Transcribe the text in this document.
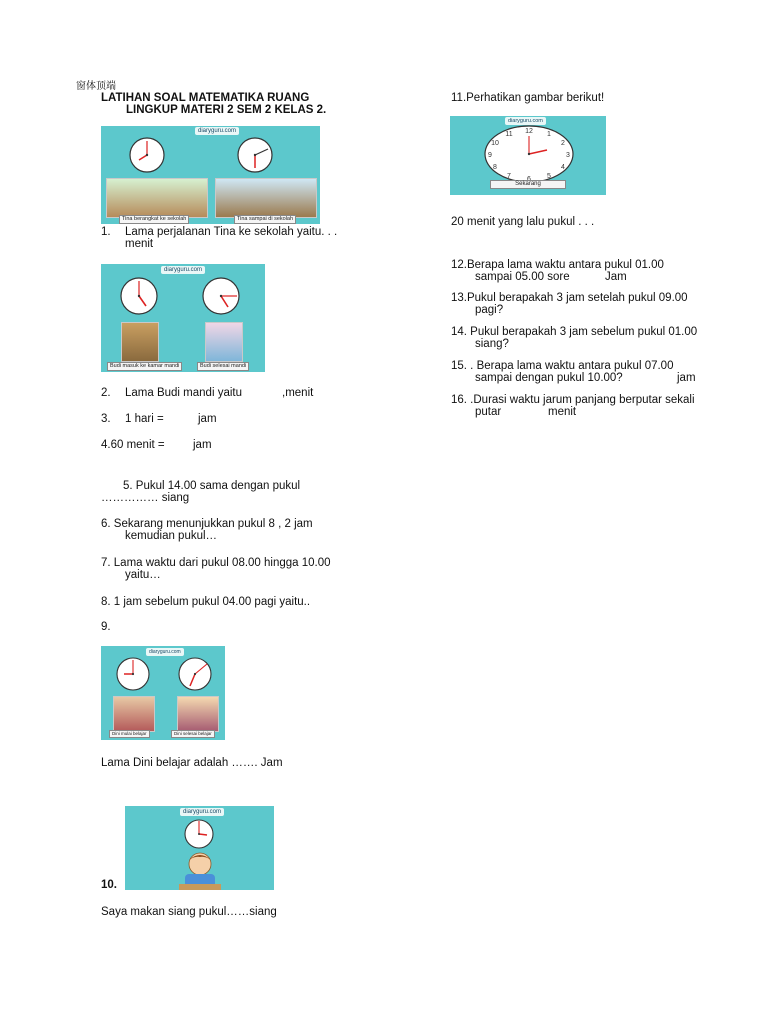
窗体顶端
LATIHAN SOAL MATEMATIKA RUANG
LINGKUP MATERI 2 SEM 2 KELAS 2.
diaryguru.com
Tina berangkat ke sekolah	Tina sampai di sekolah
1. Lama perjalanan Tina ke sekolah yaitu. . .
menit
diaryguru.com
Budi masuk ke kamar mandi	Budi selesai mandi
2. Lama Budi mandi yaitu	,menit
3. 1 hari =	jam
4.60 menit = jam
5. Pukul 14.00 sama dengan pukul
…………… siang
6. Sekarang menunjukkan pukul 8 , 2 jam
kemudian pukul…
7. Lama waktu dari pukul 08.00 hingga 10.00
yaitu…
8. 1 jam sebelum pukul 04.00 pagi yaitu..
9.
diaryguru.com
Dini mulai belajar	Dini selesai belajar
Lama Dini belajar adalah ……. Jam
diaryguru.com
10.
Saya makan siang pukul……siang
11.Perhatikan gambar berikut!
diaryguru.com
12 1
2
3
4
5
7
8
9
10
11
Sekarang
20 menit yang lalu pukul . . .
12.Berapa lama waktu antara pukul 01.00
sampai 05.00 sore	Jam
13.Pukul berapakah 3 jam setelah pukul 09.00
pagi?
14. Pukul berapakah 3 jam sebelum pukul 01.00
siang?
15. . Berapa lama waktu antara pukul 07.00
sampai dengan pukul 10.00?	jam
16. .Durasi waktu jarum panjang berputar sekali
putar	menit
